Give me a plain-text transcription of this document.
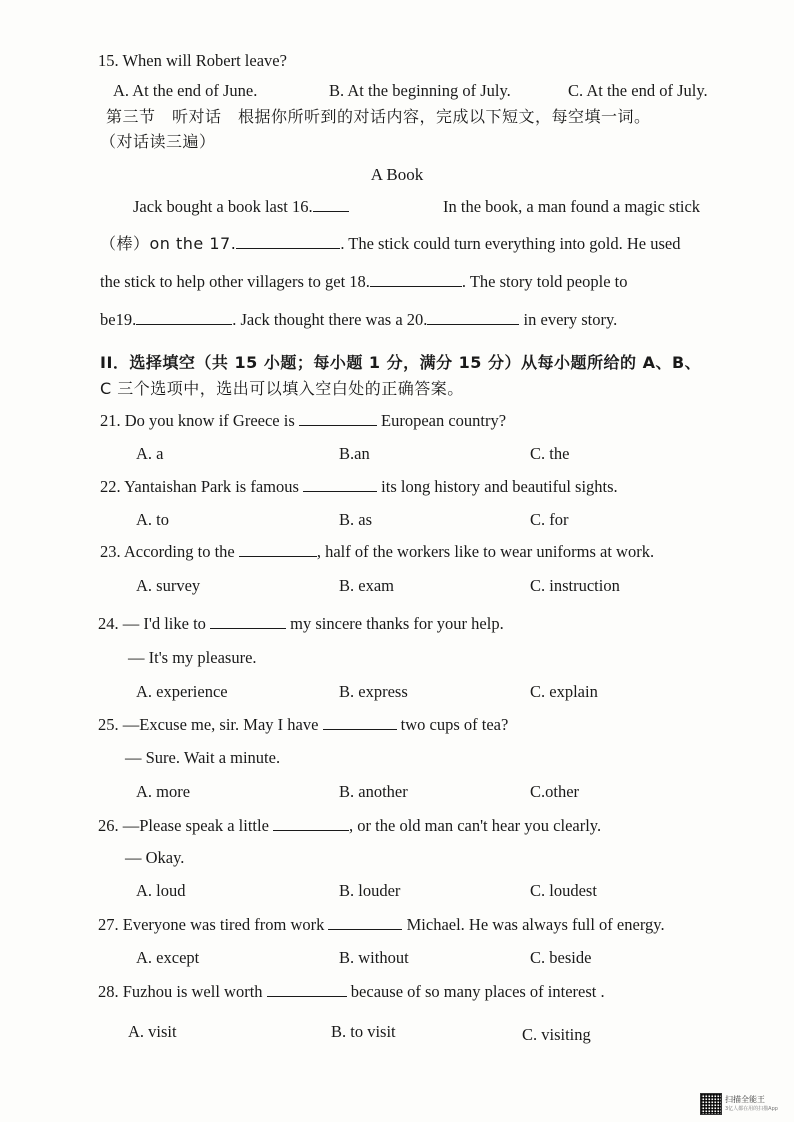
15. When will Robert leave?
A. At the end of June.	B. At the beginning of July.	C. At the end of July.
第三节　听对话　根据你所听到的对话内容，完成以下短文，每空填一词。
（对话读三遍）
A Book
Jack bought a book last 16.	In the book, a man found a magic stick
（棒）on the 17.	. The stick could turn everything into gold. He used
the stick to help other villagers to get 18.	. The story told people to
be19.	. Jack thought there was a 20.	in every story.
II．选择填空（共 15 小题；每小题 1 分，满分 15 分）从每小题所给的 A、B、
C 三个选项中，选出可以填入空白处的正确答案。
21. Do you know if Greece is	European country?
A. a	B.an	C. the
22. Yantaishan Park is famous	its long history and beautiful sights.
A. to	B. as	C. for
23. According to the	, half of the workers like to wear uniforms at work.
A. survey	B. exam	C. instruction
24. — I'd like to	my sincere thanks for your help.
— It's my pleasure.
A. experience	B. express	C. explain
25. —Excuse me, sir. May I have	two cups of tea?
— Sure. Wait a minute.
A. more	B. another	C.other
26. —Please speak a little	, or the old man can't hear you clearly.
— Okay.
A. loud	B. louder	C. loudest
27. Everyone was tired from work	Michael. He was always full of energy.
A. except	B. without	C. beside
28. Fuzhou is well worth	because of so many places of interest .
A. visit	B. to visit	C. visiting
扫描全能王
3亿人都在用的扫描App
